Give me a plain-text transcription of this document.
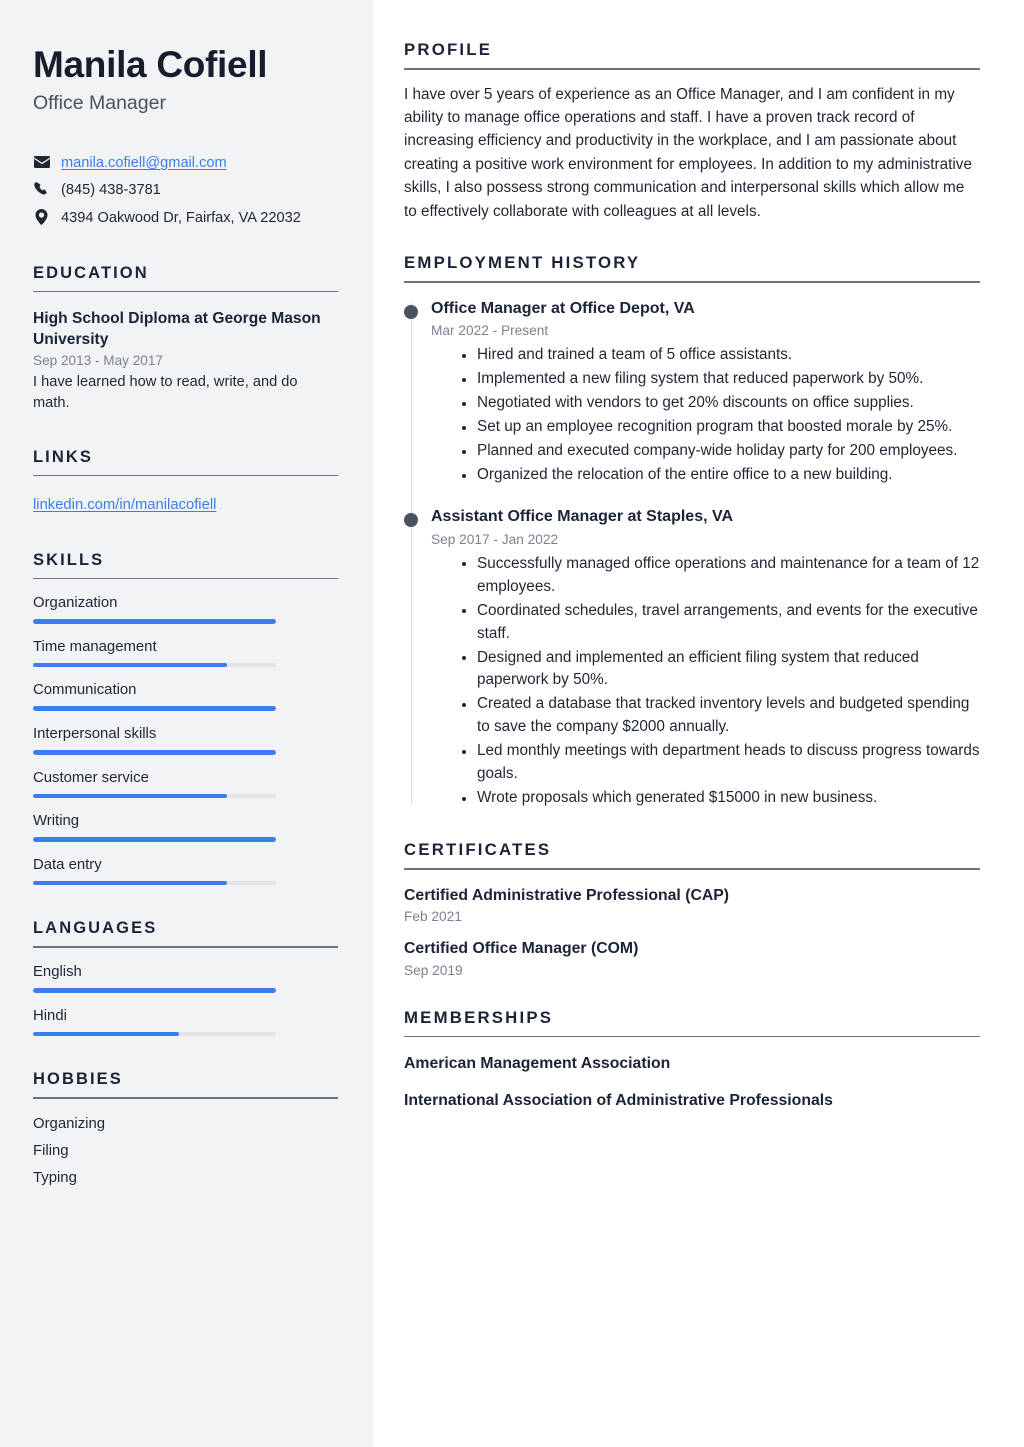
Manila Cofiell
Office Manager
manila.cofiell@gmail.com
(845) 438-3781
4394 Oakwood Dr, Fairfax, VA 22032
EDUCATION
High School Diploma at George Mason University
Sep 2013 - May 2017
I have learned how to read, write, and do math.
LINKS
linkedin.com/in/manilacofiell
SKILLS
Organization
Time management
Communication
Interpersonal skills
Customer service
Writing
Data entry
LANGUAGES
English
Hindi
HOBBIES
Organizing
Filing
Typing
PROFILE

I have over 5 years of experience as an Office Manager, and I am confident in my ability to manage office operations and staff. I have a proven track record of increasing efficiency and productivity in the workplace, and I am passionate about creating a positive work environment for employees. In addition to my administrative skills, I also possess strong communication and interpersonal skills which allow me to effectively collaborate with colleagues at all levels.

EMPLOYMENT HISTORY
Office Manager at Office Depot, VA
Mar 2022 - Present
Hired and trained a team of 5 office assistants.
Implemented a new filing system that reduced paperwork by 50%.
Negotiated with vendors to get 20% discounts on office supplies.
Set up an employee recognition program that boosted morale by 25%.
Planned and executed company-wide holiday party for 200 employees.
Organized the relocation of the entire office to a new building.
Assistant Office Manager at Staples, VA
Sep 2017 - Jan 2022
Successfully managed office operations and maintenance for a team of 12 employees.
Coordinated schedules, travel arrangements, and events for the executive staff.
Designed and implemented an efficient filing system that reduced paperwork by 50%.
Created a database that tracked inventory levels and budgeted spending to save the company $2000 annually.
Led monthly meetings with department heads to discuss progress towards goals.
Wrote proposals which generated $15000 in new business.
CERTIFICATES
Certified Administrative Professional (CAP)
Feb 2021
Certified Office Manager (COM)
Sep 2019
MEMBERSHIPS
American Management Association
International Association of Administrative Professionals
